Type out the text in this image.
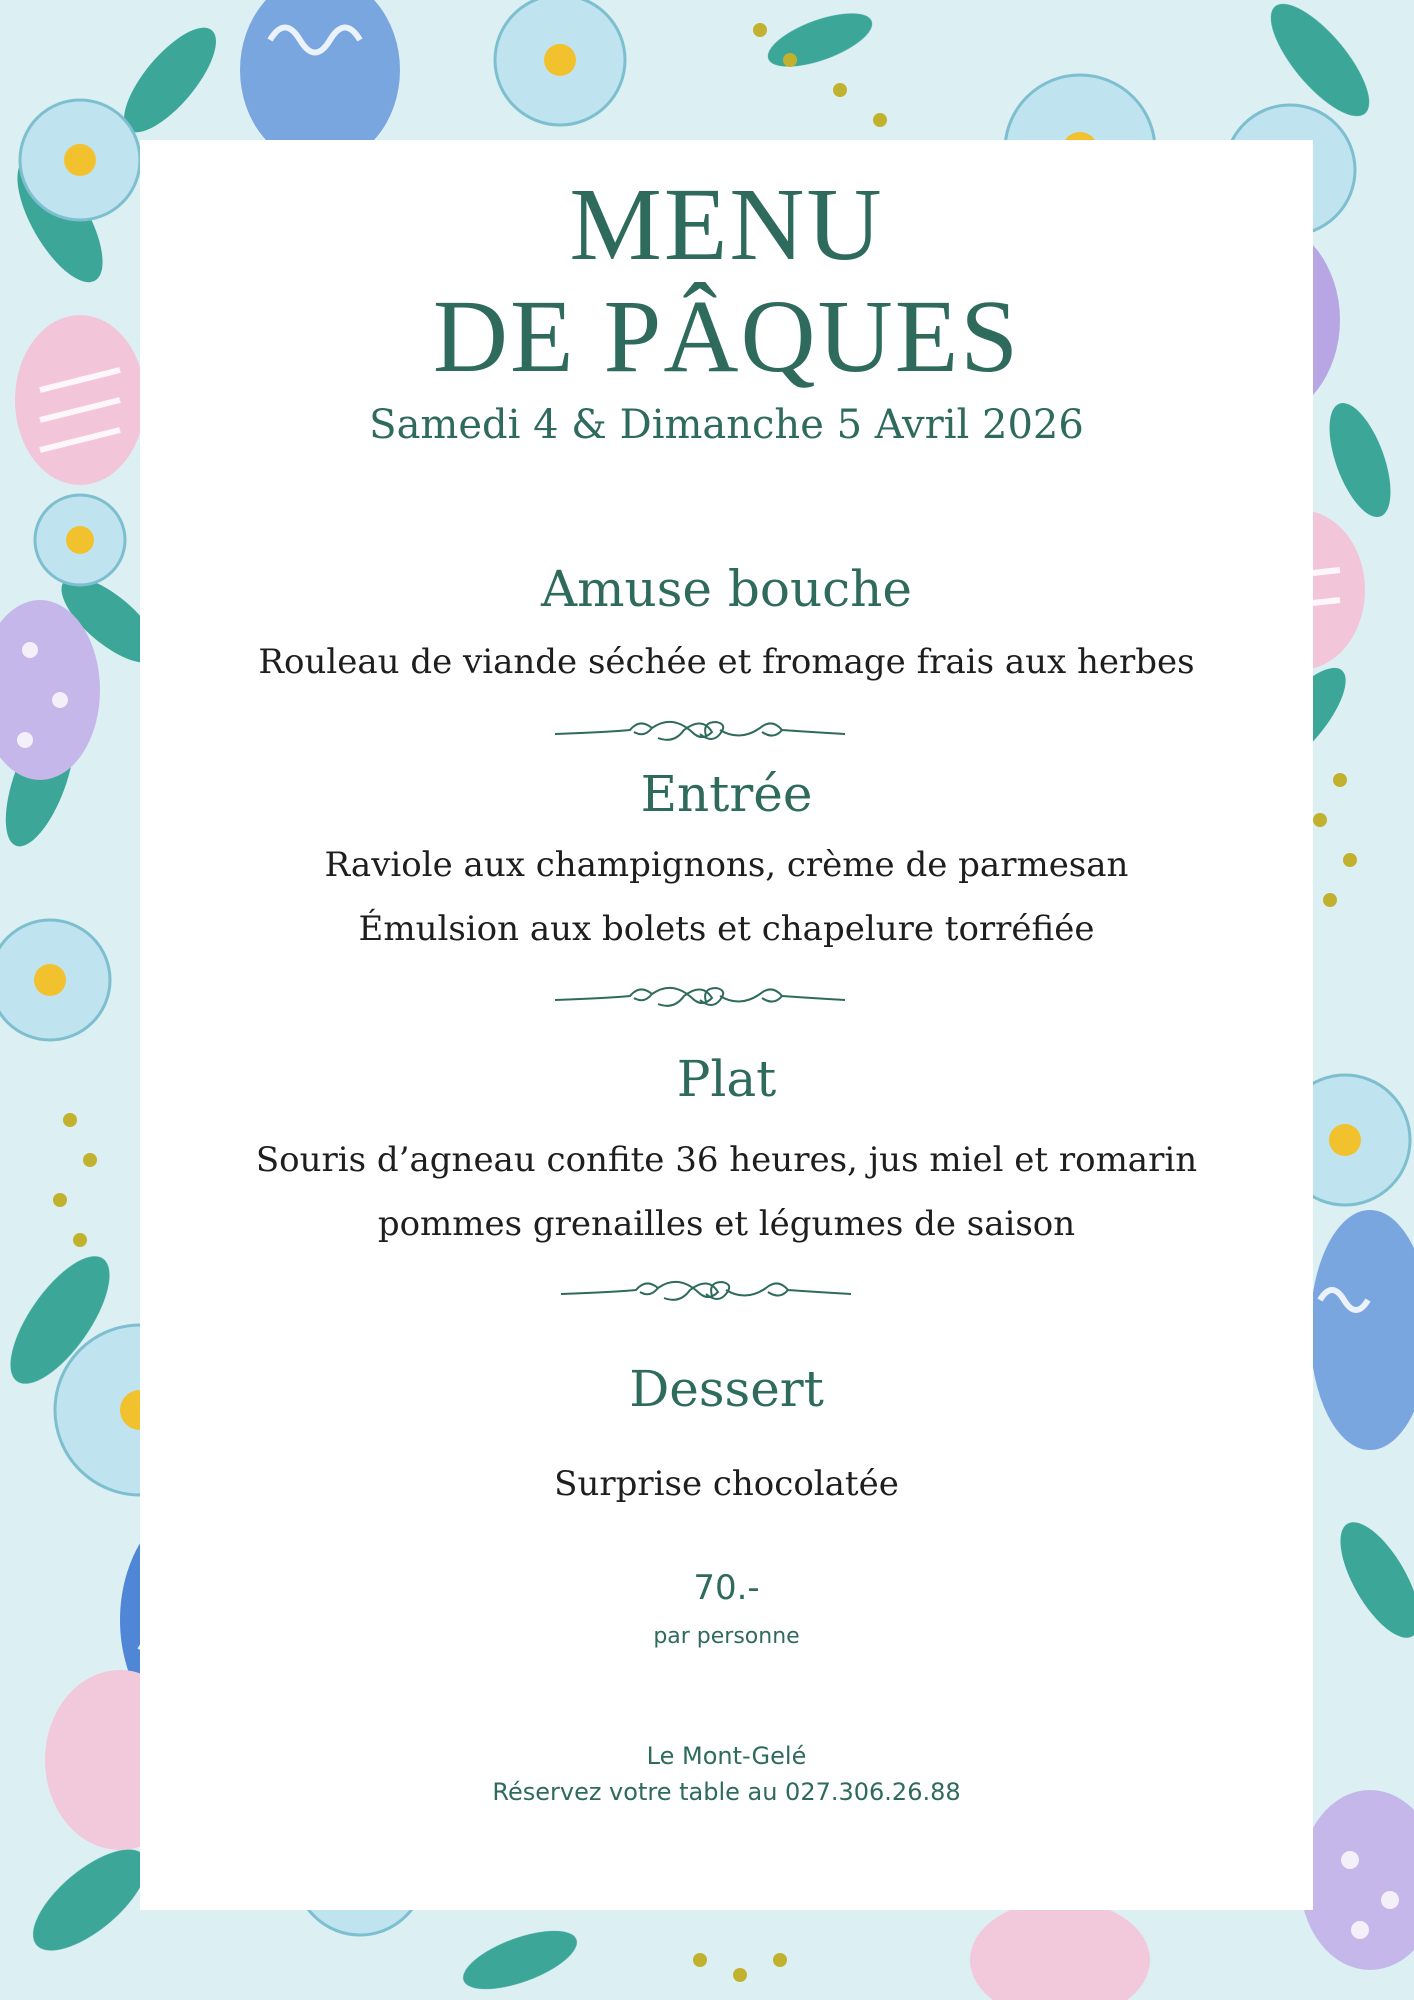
MENU
DE PÂQUES
Samedi 4 & Dimanche 5 Avril 2026
Amuse bouche
Rouleau de viande séchée et fromage frais aux herbes
Entrée
Raviole aux champignons, crème de parmesan
Émulsion aux bolets et chapelure torréfiée
Plat
Souris d’agneau confite 36 heures, jus miel et romarin
pommes grenailles et légumes de saison
Dessert
Surprise chocolatée
70.-
par personne
Le Mont-Gelé
Réservez votre table au 027.306.26.88
